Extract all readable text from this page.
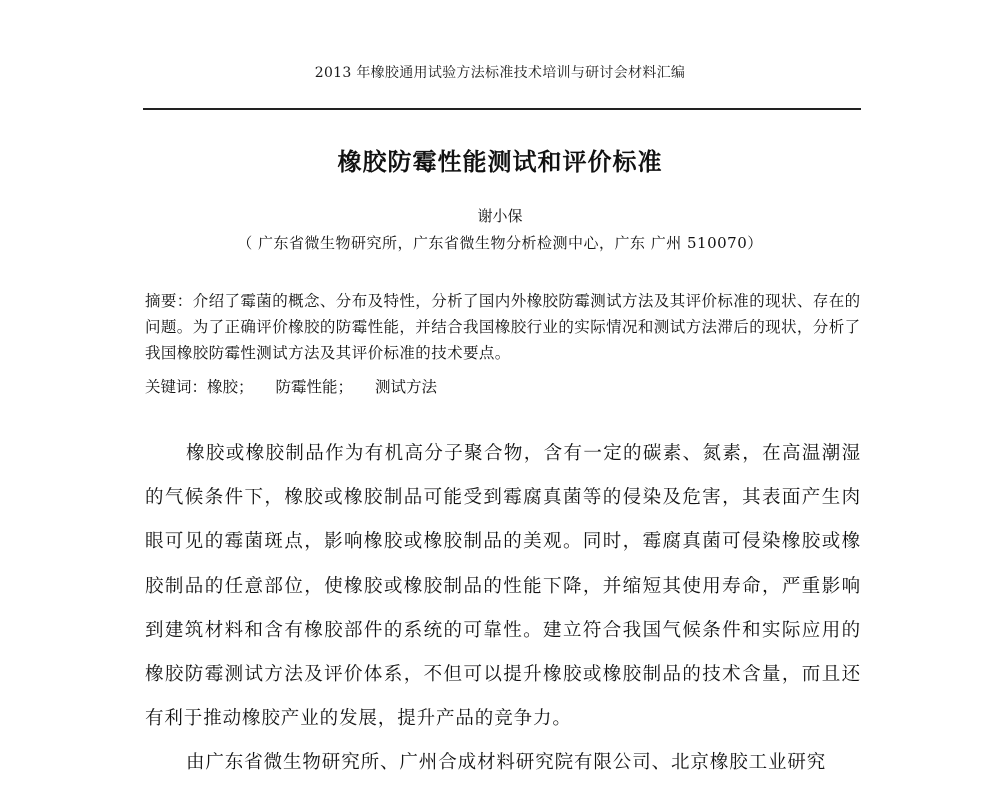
2013 年橡胶通用试验方法标准技术培训与研讨会材料汇编
橡胶防霉性能测试和评价标准
谢小保
（ 广东省微生物研究所，广东省微生物分析检测中心，广东 广州 510070）
摘要：介绍了霉菌的概念、分布及特性，分析了国内外橡胶防霉测试方法及其评价标准的现状、存在的问题。为了正确评价橡胶的防霉性能，并结合我国橡胶行业的实际情况和测试方法滞后的现状，分析了我国橡胶防霉性测试方法及其评价标准的技术要点。
关键词：橡胶； 防霉性能； 测试方法

橡胶或橡胶制品作为有机高分子聚合物，含有一定的碳素、氮素，在高温潮湿的气候条件下，橡胶或橡胶制品可能受到霉腐真菌等的侵染及危害，其表面产生肉眼可见的霉菌斑点，影响橡胶或橡胶制品的美观。同时，霉腐真菌可侵染橡胶或橡胶制品的任意部位，使橡胶或橡胶制品的性能下降，并缩短其使用寿命，严重影响到建筑材料和含有橡胶部件的系统的可靠性。建立符合我国气候条件和实际应用的橡胶防霉测试方法及评价体系，不但可以提升橡胶或橡胶制品的技术含量，而且还有利于推动橡胶产业的发展，提升产品的竞争力。

由广东省微生物研究所、广州合成材料研究院有限公司、北京橡胶工业研究
